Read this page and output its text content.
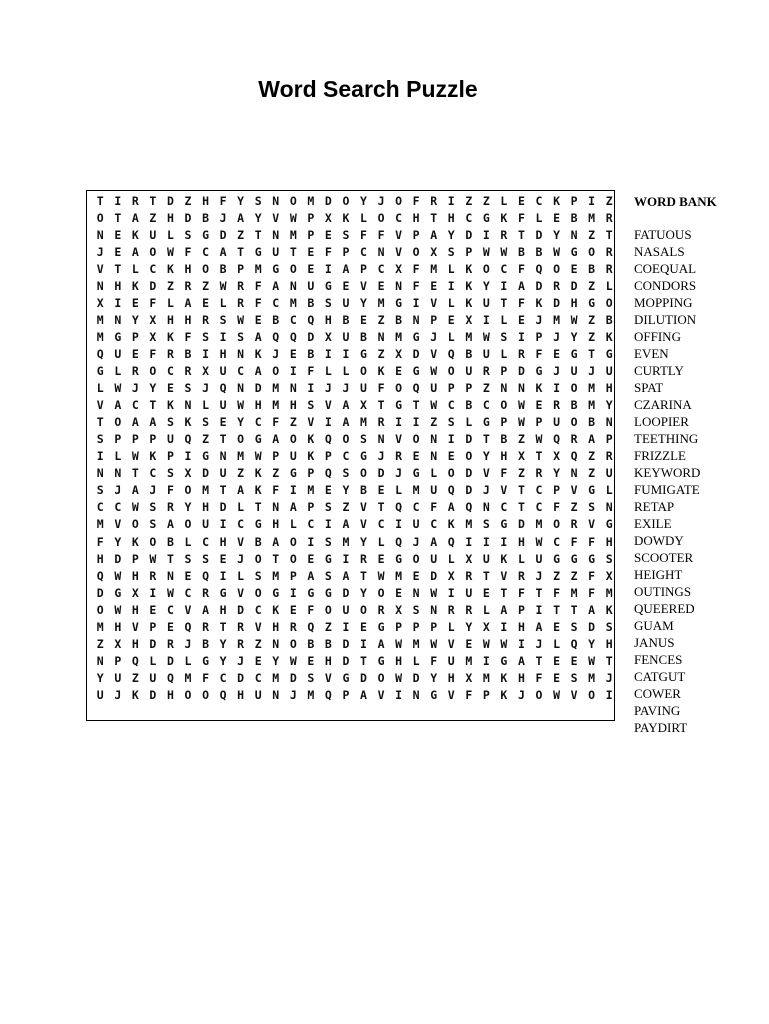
Word Search Puzzle
T I R T D Z H F Y S N O M D O Y J O F R I Z Z L E C K P I Z
O T A Z H D B J A Y V W P X K L O C H T H C G K F L E B M R
N E K U L S G D Z T N M P E S F F V P A Y D I R T D Y N Z T
J E A O W F C A T G U T E F P C N V O X S P W W B B W G O R
V T L C K H O B P M G O E I A P C X F M L K O C F Q O E B R
N H K D Z R Z W R F A N U G E V E N F E I K Y I A D R D Z L
X I E F L A E L R F C M B S U Y M G I V L K U T F K D H G O
M N Y X H H R S W E B C Q H B E Z B N P E X I L E J M W Z B
M G P X K F S I S A Q Q D X U B N M G J L M W S I P J Y Z K
Q U E F R B I H N K J E B I I G Z X D V Q B U L R F E G T G
G L R O C R X U C A O I F L L O K E G W O U R P D G J U J U
L W J Y E S J Q N D M N I J J U F O Q U P P Z N N K I O M H
V A C T K N L U W H M H S V A X T G T W C B C O W E R B M Y
T O A A S K S E Y C F Z V I A M R I I Z S L G P W P U O B N
S P P P U Q Z T O G A O K Q O S N V O N I D T B Z W Q R A P
I L W K P I G N M W P U K P C G J R E N E O Y H X T X Q Z R
N N T C S X D U Z K Z G P Q S O D J G L O D V F Z R Y N Z U
S J A J F O M T A K F I M E Y B E L M U Q D J V T C P V G L
C C W S R Y H D L T N A P S Z V T Q C F A Q N C T C F Z S N
M V O S A O U I C G H L C I A V C I U C K M S G D M O R V G
F Y K O B L C H V B A O I S M Y L Q J A Q I I I H W C F F H
H D P W T S S E J O T O E G I R E G O U L X U K L U G G G S
Q W H R N E Q I L S M P A S A T W M E D X R T V R J Z Z F X
D G X I W C R G V O G I G G D Y O E N W I U E T F T F M F M
O W H E C V A H D C K E F O U O R X S N R R L A P I T T A K
M H V P E Q R T R V H R Q Z I E G P P P L Y X I H A E S D S
Z X H D R J B Y R Z N O B B D I A W M W V E W W I J L Q Y H
N P Q L D L G Y J E Y W E H D T G H L F U M I G A T E E W T
Y U Z U Q M F C D C M D S V G D O W D Y H X M K H F E S M J
U J K D H O O Q H U N J M Q P A V I N G V F P K J O W V O I
WORD BANK
FATUOUS
NASALS
COEQUAL
CONDORS
MOPPING
DILUTION
OFFING
EVEN
CURTLY
SPAT
CZARINA
LOOPIER
TEETHING
FRIZZLE
KEYWORD
FUMIGATE
RETAP
EXILE
DOWDY
SCOOTER
HEIGHT
OUTINGS
QUEERED
GUAM
JANUS
FENCES
CATGUT
COWER
PAVING
PAYDIRT
